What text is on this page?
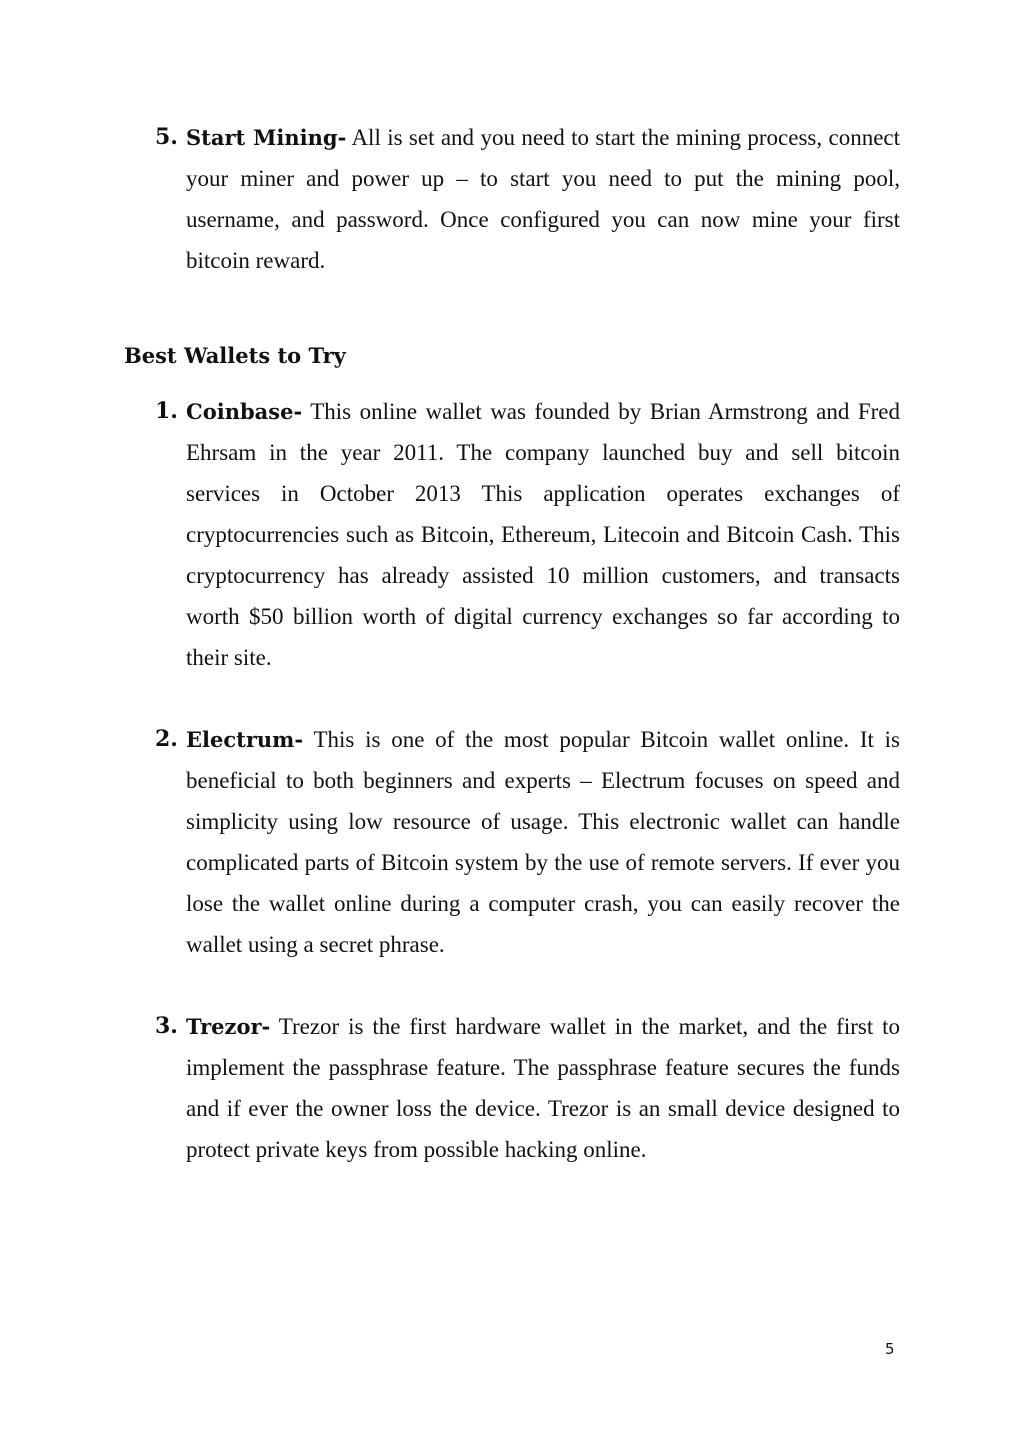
5. Start Mining- All is set and you need to start the mining process, connect your miner and power up – to start you need to put the mining pool, username, and password. Once configured you can now mine your first bitcoin reward.
Best Wallets to Try
1. Coinbase- This online wallet was founded by Brian Armstrong and Fred Ehrsam in the year 2011. The company launched buy and sell bitcoin services in October 2013 This application operates exchanges of cryptocurrencies such as Bitcoin, Ethereum, Litecoin and Bitcoin Cash. This cryptocurrency has already assisted 10 million customers, and transacts worth $50 billion worth of digital currency exchanges so far according to their site.
2. Electrum- This is one of the most popular Bitcoin wallet online. It is beneficial to both beginners and experts – Electrum focuses on speed and simplicity using low resource of usage. This electronic wallet can handle complicated parts of Bitcoin system by the use of remote servers. If ever you lose the wallet online during a computer crash, you can easily recover the wallet using a secret phrase.
3. Trezor- Trezor is the first hardware wallet in the market, and the first to implement the passphrase feature. The passphrase feature secures the funds and if ever the owner loss the device. Trezor is an small device designed to protect private keys from possible hacking online.
5
